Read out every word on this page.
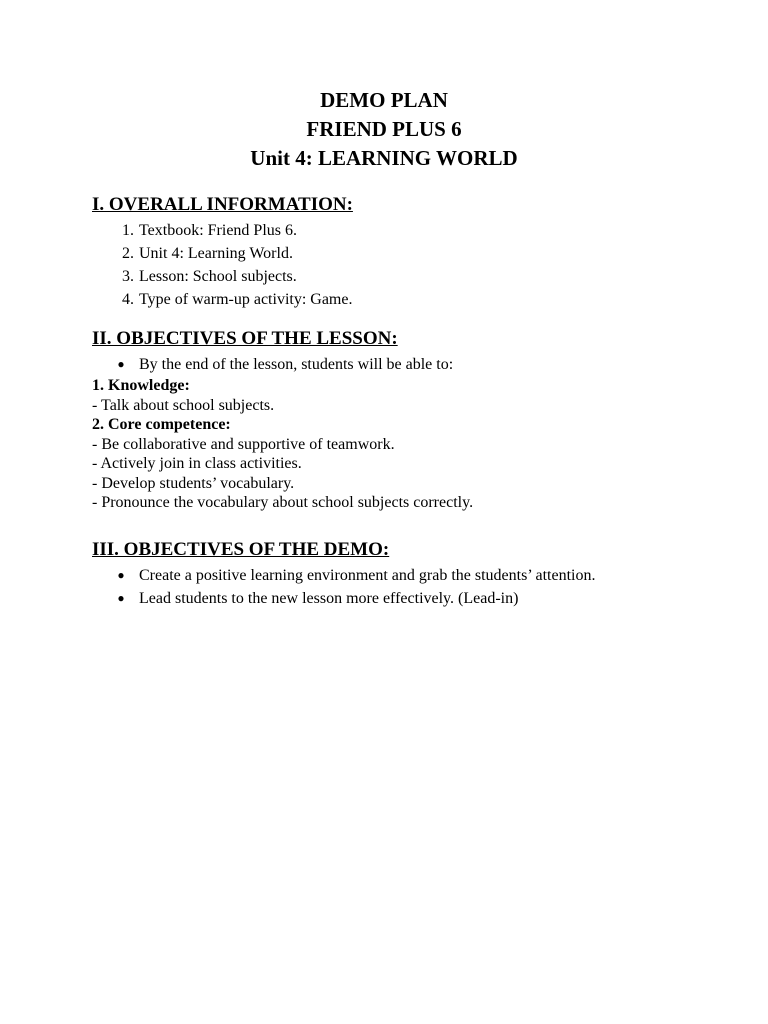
DEMO PLAN

FRIEND PLUS 6

Unit 4: LEARNING WORLD

I. OVERALL INFORMATION:

1. Textbook: Friend Plus 6.
2. Unit 4: Learning World.
3. Lesson: School subjects.
4. Type of warm-up activity: Game.

II. OBJECTIVES OF THE LESSON:

● By the end of the lesson, students will be able to:

1. Knowledge:

- Talk about school subjects.

2. Core competence:

- Be collaborative and supportive of teamwork.

- Actively join in class activities.

- Develop students’ vocabulary.

- Pronounce the vocabulary about school subjects correctly.

III. OBJECTIVES OF THE DEMO:

● Create a positive learning environment and grab the students’ attention.
● Lead students to the new lesson more effectively. (Lead-in)
